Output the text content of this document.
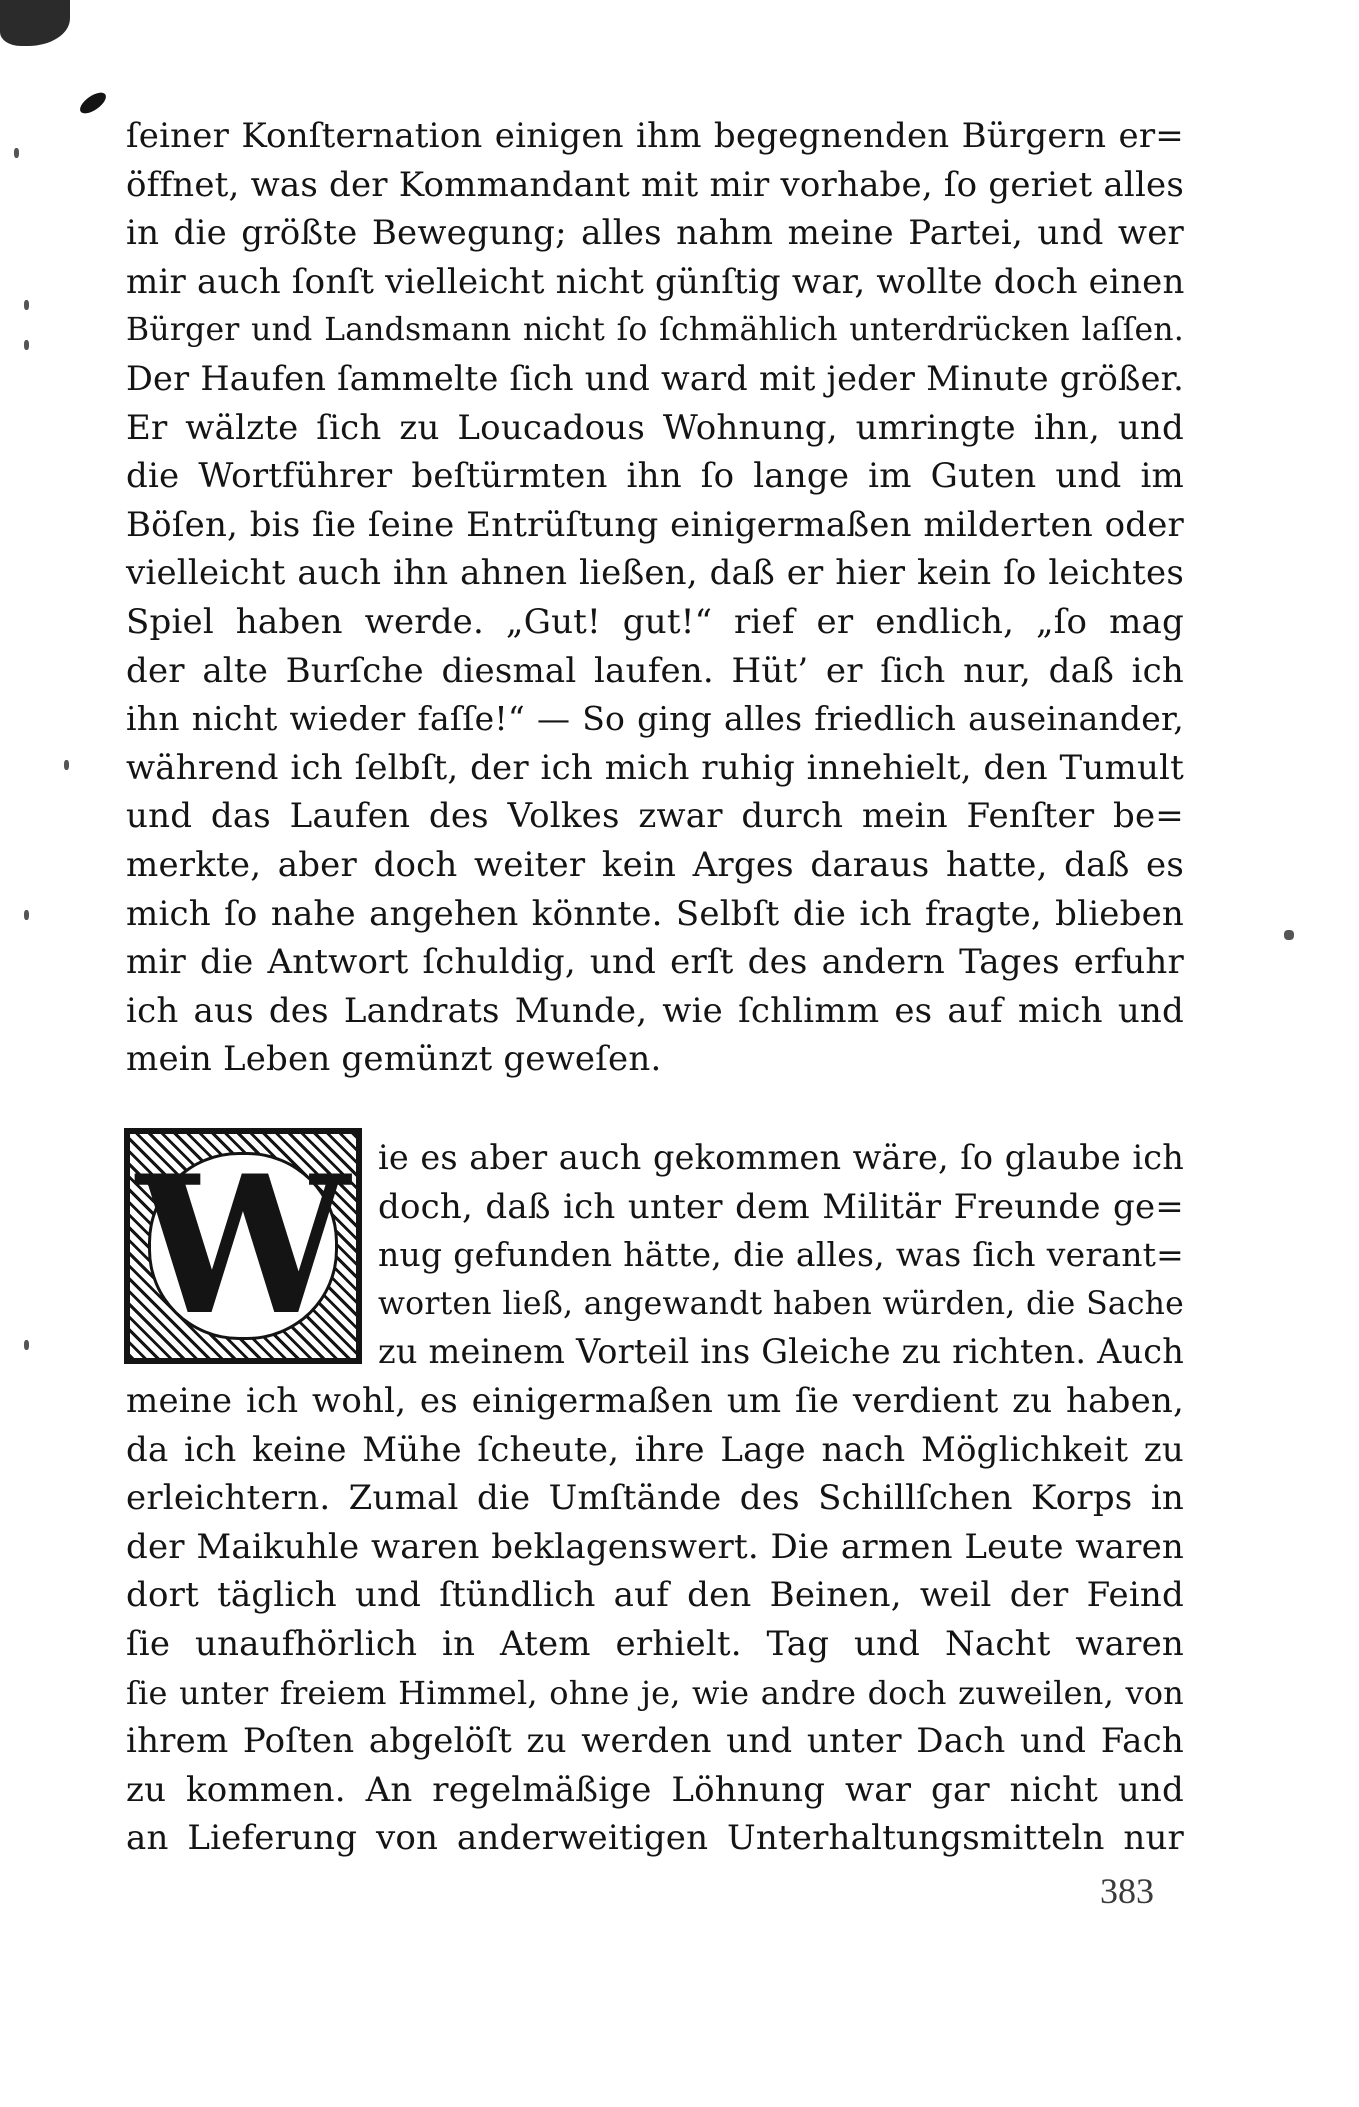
ſeiner Konſternation einigen ihm begegnenden Bürgern er=
öffnet, was der Kommandant mit mir vorhabe, ſo geriet alles
in die größte Bewegung; alles nahm meine Partei, und wer
mir auch ſonſt vielleicht nicht günſtig war, wollte doch einen
Bürger und Landsmann nicht ſo ſchmählich unterdrücken laſſen.
Der Haufen ſammelte ſich und ward mit jeder Minute größer.
Er wälzte ſich zu Loucadous Wohnung, umringte ihn, und
die Wortführer beſtürmten ihn ſo lange im Guten und im
Böſen, bis ſie ſeine Entrüſtung einigermaßen milderten oder
vielleicht auch ihn ahnen ließen, daß er hier kein ſo leichtes
Spiel haben werde. „Gut! gut!“ rief er endlich, „ſo mag
der alte Burſche diesmal laufen. Hüt’ er ſich nur, daß ich
ihn nicht wieder faſſe!“ — So ging alles friedlich auseinander,
während ich ſelbſt, der ich mich ruhig innehielt, den Tumult
und das Laufen des Volkes zwar durch mein Fenſter be=
merkte, aber doch weiter kein Arges daraus hatte, daß es
mich ſo nahe angehen könnte. Selbſt die ich fragte, blieben
mir die Antwort ſchuldig, und erſt des andern Tages erfuhr
ich aus des Landrats Munde, wie ſchlimm es auf mich und
mein Leben gemünzt geweſen.
W ie es aber auch gekommen wäre, ſo glaube ich
doch, daß ich unter dem Militär Freunde ge=
nug gefunden hätte, die alles, was ſich verant=
worten ließ, angewandt haben würden, die Sache
zu meinem Vorteil ins Gleiche zu richten. Auch
meine ich wohl, es einigermaßen um ſie verdient zu haben,
da ich keine Mühe ſcheute, ihre Lage nach Möglichkeit zu
erleichtern. Zumal die Umſtände des Schillſchen Korps in
der Maikuhle waren beklagenswert. Die armen Leute waren
dort täglich und ſtündlich auf den Beinen, weil der Feind
ſie unaufhörlich in Atem erhielt. Tag und Nacht waren
ſie unter freiem Himmel, ohne je, wie andre doch zuweilen, von
ihrem Poſten abgelöſt zu werden und unter Dach und Fach
zu kommen. An regelmäßige Löhnung war gar nicht und
an Lieferung von anderweitigen Unterhaltungsmitteln nur
383
